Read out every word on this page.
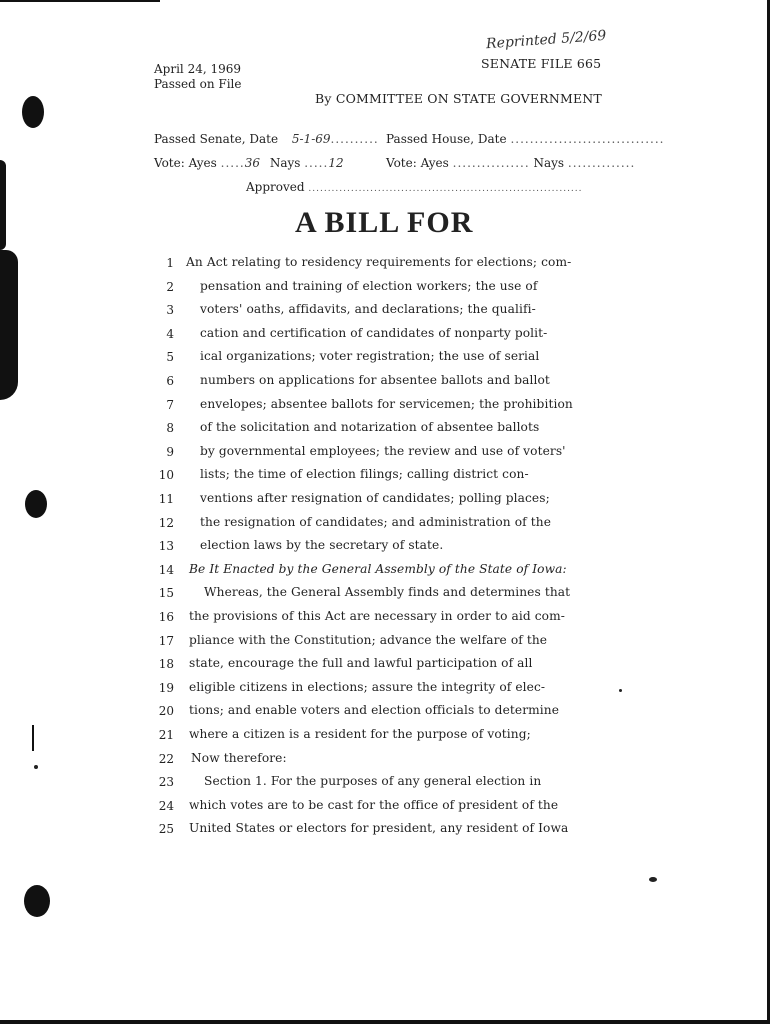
April 24, 1969
Passed on File
Reprinted 5/2/69
SENATE FILE 665
By COMMITTEE ON STATE GOVERNMENT
Passed Senate, Date 5-1-69.......... Passed House, Date ................................
Vote: Ayes .....36 Nays .....12	Vote: Ayes ................ Nays ..............
Approved .......................................................................
A BILL FOR
1 An Act relating to residency requirements for elections; com-
2 pensation and training of election workers; the use of
3 voters' oaths, affidavits, and declarations; the qualifi-
4 cation and certification of candidates of nonparty polit-
5 ical organizations; voter registration; the use of serial
6 numbers on applications for absentee ballots and ballot
7 envelopes; absentee ballots for servicemen; the prohibition
8 of the solicitation and notarization of absentee ballots
9 by governmental employees; the review and use of voters'
10 lists; the time of election filings; calling district con-
11 ventions after resignation of candidates; polling places;
12 the resignation of candidates; and administration of the
13 election laws by the secretary of state.
14 Be It Enacted by the General Assembly of the State of Iowa:
15 Whereas, the General Assembly finds and determines that
16 the provisions of this Act are necessary in order to aid com-
17 pliance with the Constitution; advance the welfare of the
18 state, encourage the full and lawful participation of all
19 eligible citizens in elections; assure the integrity of elec-
20 tions; and enable voters and election officials to determine
21 where a citizen is a resident for the purpose of voting;
22 Now therefore:
23 Section 1. For the purposes of any general election in
24 which votes are to be cast for the office of president of the
25 United States or electors for president, any resident of Iowa
